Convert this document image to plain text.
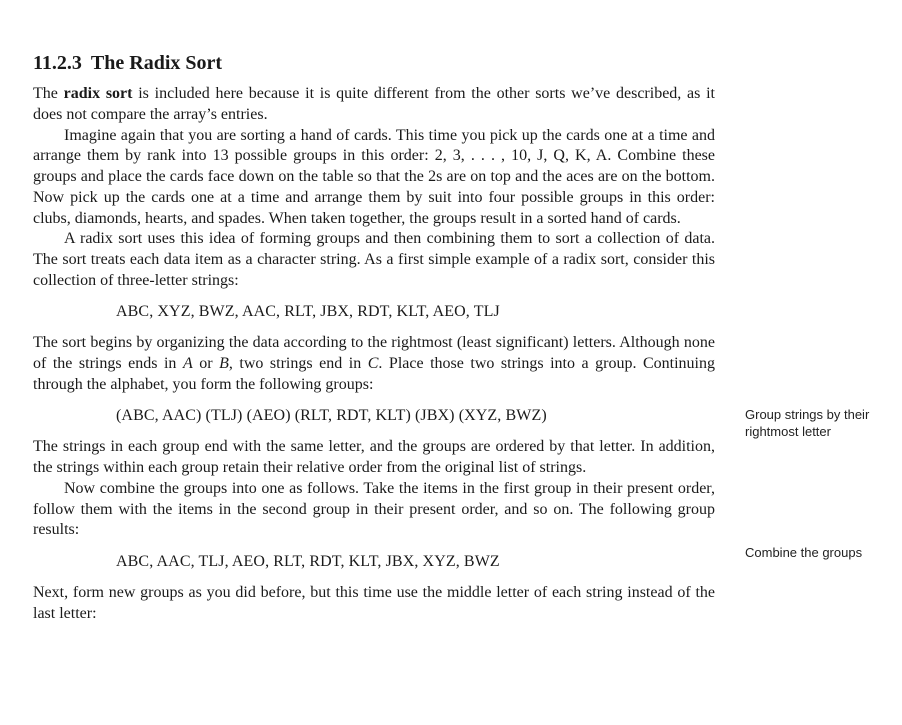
11.2.3 The Radix Sort

The radix sort is included here because it is quite different from the other sorts we’ve described, as it does not compare the array’s entries.

Imagine again that you are sorting a hand of cards. This time you pick up the cards one at a time and arrange them by rank into 13 possible groups in this order: 2, 3, . . . , 10, J, Q, K, A. Combine these groups and place the cards face down on the table so that the 2s are on top and the aces are on the bottom. Now pick up the cards one at a time and arrange them by suit into four possible groups in this order: clubs, diamonds, hearts, and spades. When taken together, the groups result in a sorted hand of cards.

A radix sort uses this idea of forming groups and then combining them to sort a collection of data. The sort treats each data item as a character string. As a first simple example of a radix sort, consider this collection of three-letter strings:

ABC, XYZ, BWZ, AAC, RLT, JBX, RDT, KLT, AEO, TLJ

The sort begins by organizing the data according to the rightmost (least significant) letters. Although none of the strings ends in A or B, two strings end in C. Place those two strings into a group. Continuing through the alphabet, you form the following groups:

(ABC, AAC) (TLJ) (AEO) (RLT, RDT, KLT) (JBX) (XYZ, BWZ)

The strings in each group end with the same letter, and the groups are ordered by that letter. In addition, the strings within each group retain their relative order from the original list of strings.

Now combine the groups into one as follows. Take the items in the first group in their present order, follow them with the items in the second group in their present order, and so on. The following group results:

ABC, AAC, TLJ, AEO, RLT, RDT, KLT, JBX, XYZ, BWZ

Next, form new groups as you did before, but this time use the middle letter of each string instead of the last letter:

Group strings by their rightmost letter
Combine the groups
